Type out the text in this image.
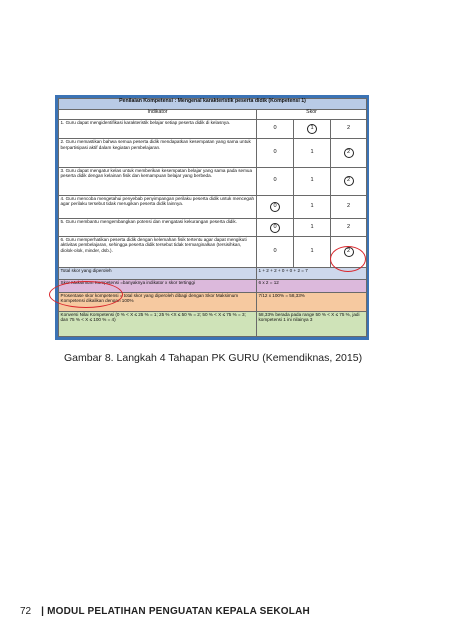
Penilaian Kompetensi : Mengenal karakteristik peserta didik (Kompetensi 1)			
Indikator	Skor		
1. Guru dapat mengidentifikasi karakteristik belajar setiap peserta didik di kelasnya.	0	1	2
2. Guru memastikan bahwa semua peserta didik mendapatkan kesempatan yang sama untuk berpartisipasi aktif dalam kegiatan pembelajaran.	0	1	2
3. Guru dapat mengatur kelas untuk memberikan kesempatan belajar yang sama pada semua peserta didik dengan kelainan fisik dan kemampuan belajar yang berbeda.	0	1	2
4. Guru mencoba mengetahui penyebab penyimpangan perilaku peserta didik untuk mencegah agar perilaku tersebut tidak merugikan peserta didik lainnya.	0	1	2
5. Guru membantu mengembangkan potensi dan mengatasi kekurangan peserta didik.	0	1	2
6. Guru memperhatikan peserta didik dengan kelemahan fisik tertentu agar dapat mengikuti aktivitas pembelajaran, sehingga peserta didik tersebut tidak termarginalkan (tersisihkan, diolok-olok, minder, dsb.).	0	1	2
Total skor yang diperoleh	1 + 2 + 2 + 0 + 0 + 2 = 7		
Skor Maksimum Kompetensi =banyaknya indikator x skor tertinggi	6 x 2 = 12		
Prosentase skor kompetensi = total skor yang diperoleh dibagi dengan Skor Maksimum Kompetensi dikalikan dengan 100%	7/12 x 100% = 58,33%		
Konversi Nilai Kompetensi (0 % < X ≤ 25 % = 1; 25 % <X ≤ 50 % = 2; 50 % < X ≤ 75 % = 3; dan 75 % < X ≤ 100 % = 4)	58,33% berada pada range 50 % < X ≤ 75 %, jadi kompetensi 1 ini nilainya 3		
Gambar 8. Langkah 4 Tahapan PK GURU (Kemendiknas, 2015)
72 | MODUL PELATIHAN PENGUATAN KEPALA SEKOLAH
